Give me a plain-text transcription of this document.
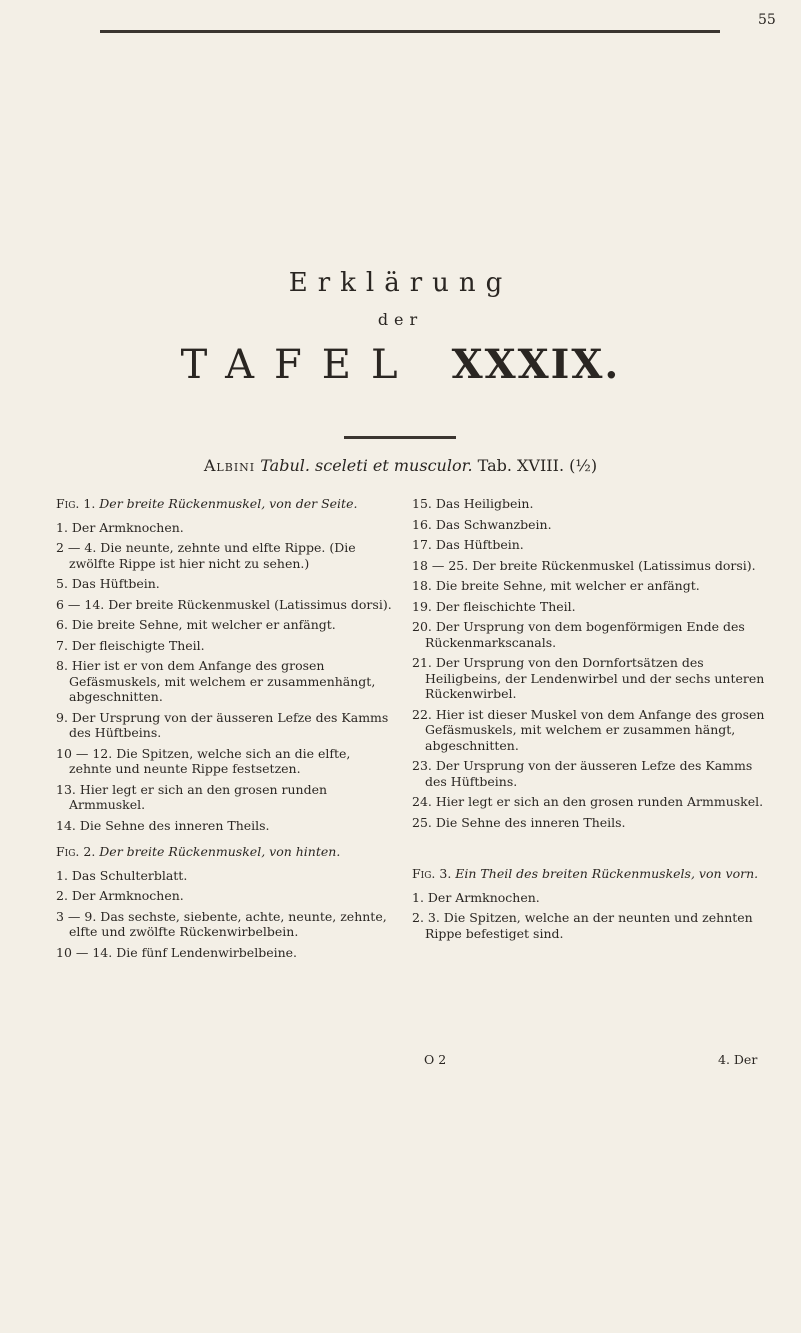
55
Erklärung
der
TAFEL XXXIX.
Albini Tabul. sceleti et musculor. Tab. XVIII. (½)

Fig. 1. Der breite Rückenmuskel, von der Seite.

1. Der Armknochen.

2 — 4. Die neunte, zehnte und elfte Rippe. (Die zwölfte Rippe ist hier nicht zu sehen.)

5. Das Hüftbein.

6 — 14. Der breite Rückenmuskel (Latissimus dorsi).

6. Die breite Sehne, mit welcher er anfängt.

7. Der fleischigte Theil.

8. Hier ist er von dem Anfange des grosen Gefäsmuskels, mit welchem er zusammenhängt, abgeschnitten.

9. Der Ursprung von der äusseren Lefze des Kamms des Hüftbeins.

10 — 12. Die Spitzen, welche sich an die elfte, zehnte und neunte Rippe festsetzen.

13. Hier legt er sich an den grosen runden Armmuskel.

14. Die Sehne des inneren Theils.

15. Das Heiligbein.

16. Das Schwanzbein.

17. Das Hüftbein.

18 — 25. Der breite Rückenmuskel (Latissimus dorsi).

18. Die breite Sehne, mit welcher er anfängt.

19. Der fleischichte Theil.

20. Der Ursprung von dem bogenförmigen Ende des Rückenmarkscanals.

21. Der Ursprung von den Dornfortsätzen des Heiligbeins, der Lendenwirbel und der sechs unteren Rückenwirbel.

22. Hier ist dieser Muskel von dem Anfange des grosen Gefäsmuskels, mit welchem er zusammen hängt, abgeschnitten.

23. Der Ursprung von der äusseren Lefze des Kamms des Hüftbeins.

24. Hier legt er sich an den grosen runden Armmuskel.

25. Die Sehne des inneren Theils.

Fig. 2. Der breite Rückenmuskel, von hinten.

1. Das Schulterblatt.

2. Der Armknochen.

3 — 9. Das sechste, siebente, achte, neunte, zehnte, elfte und zwölfte Rückenwirbelbein.

10 — 14. Die fünf Lendenwirbelbeine.

Fig. 3. Ein Theil des breiten Rückenmuskels, von vorn.

1. Der Armknochen.

2. 3. Die Spitzen, welche an der neunten und zehnten Rippe befestiget sind.

O 2	4. Der
